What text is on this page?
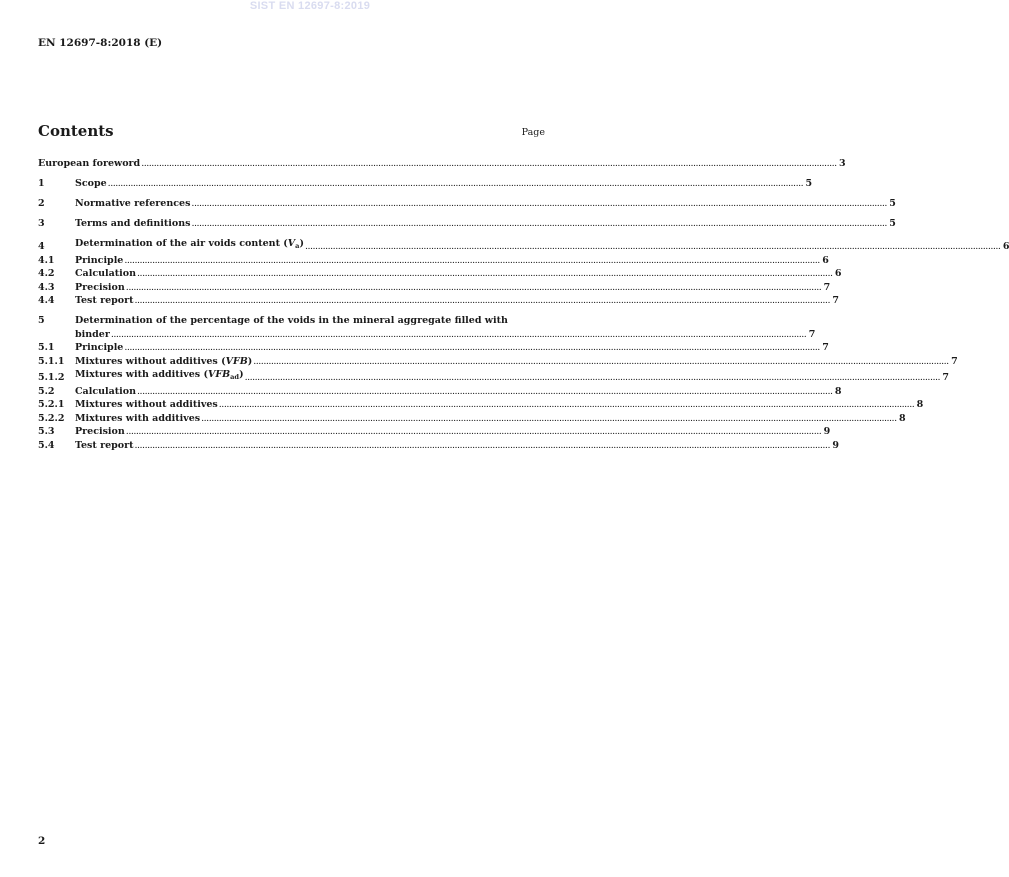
SIST EN 12697-8:2019
EN 12697-8:2018 (E)
Contents	Page
European foreword .....	3
1	Scope .....	5
2	Normative references .....	5
3	Terms and definitions .....	5
4	Determination of the air voids content $(V_a)$ .....	6
4.1	Principle .....	6
4.2	Calculation .....	6
4.3	Precision .....	7
4.4	Test report .....	7
5	Determination of the percentage of the voids in the mineral aggregate filled with
binder .....	7
5.1	Principle .....	7
5.1.1	Mixtures without additives (VFB) .....	7
5.1.2	Mixtures with additives $(VFB_{ad})$ .....	7
5.2	Calculation .....	8
5.2.1	Mixtures without additives .....	8
5.2.2	Mixtures with additives .....	8
5.3	Precision .....	9
5.4	Test report .....	9
2
